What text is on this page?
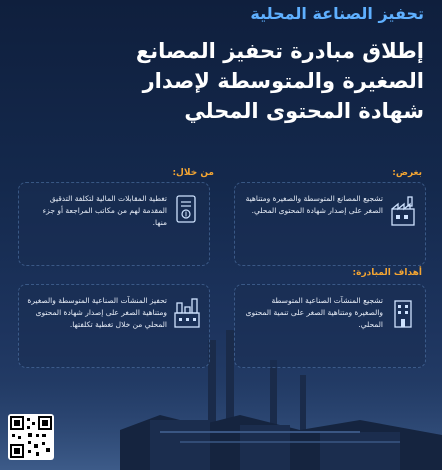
تحفيز الصناعة المحلية
إطلاق مبادرة تحفيز المصانع
الصغيرة والمتوسطة لإصدار
شهادة المحتوى المحلي
بغرض:
من خلال:
أهداف المبادرة:
تشجيع المصانع المتوسطة والصغيرة ومتناهية الصغر على إصدار شهادة المحتوى المحلي.
تغطية المقابلات المالية لتكلفة التدقيق المقدمة لهم من مكاتب المراجعة أو جزء منها.
تشجيع المنشآت الصناعية المتوسطة والصغيرة ومتناهية الصغر على تنمية المحتوى المحلي.
تحفيز المنشآت الصناعية المتوسطة والصغيرة ومتناهية الصغر على إصدار شهادة المحتوى المحلي من خلال تغطية تكلفتها.
